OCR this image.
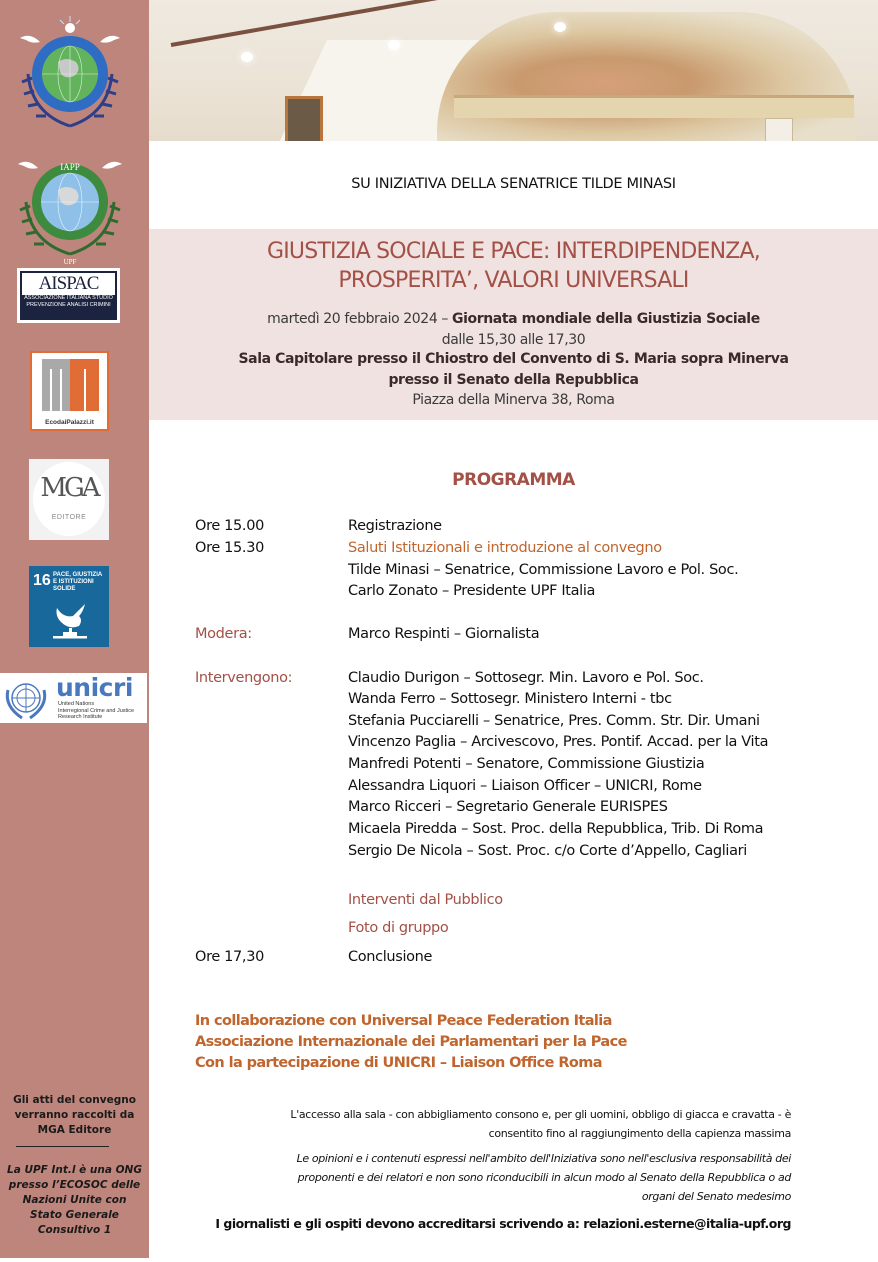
IAPP
UPF
AISPAC
ASSOCIAZIONE ITALIANA STUDIO PREVENZIONE ANALISI CRIMINI
EcodaiPalazzi.it
MGA
EDITORE
16 PACE, GIUSTIZIA E ISTITUZIONI SOLIDE
unicri
United Nations
Interregional Crime and Justice
Research Institute
Gli atti del convegno
verranno raccolti da
MGA Editore
La UPF Int.l è una ONG
presso l’ECOSOC delle
Nazioni Unite con
Stato Generale
Consultivo 1
SU INIZIATIVA DELLA SENATRICE TILDE MINASI
GIUSTIZIA SOCIALE E PACE: INTERDIPENDENZA,
PROSPERITA’, VALORI UNIVERSALI
martedì 20 febbraio 2024 – Giornata mondiale della Giustizia Sociale
dalle 15,30 alle 17,30
Sala Capitolare presso il Chiostro del Convento di S. Maria sopra Minerva
presso il Senato della Repubblica
Piazza della Minerva 38, Roma
PROGRAMMA
Ore 15.00	Registrazione
Ore 15.30	Saluti Istituzionali e introduzione al convegno
Tilde Minasi – Senatrice, Commissione Lavoro e Pol. Soc.
Carlo Zonato – Presidente UPF Italia
Modera:	Marco Respinti – Giornalista
Intervengono:	Claudio Durigon – Sottosegr. Min. Lavoro e Pol. Soc.
Wanda Ferro – Sottosegr. Ministero Interni - tbc
Stefania Pucciarelli – Senatrice, Pres. Comm. Str. Dir. Umani
Vincenzo Paglia – Arcivescovo, Pres. Pontif. Accad. per la Vita
Manfredi Potenti – Senatore, Commissione Giustizia
Alessandra Liquori – Liaison Officer – UNICRI, Rome
Marco Ricceri – Segretario Generale EURISPES
Micaela Piredda – Sost. Proc. della Repubblica, Trib. Di Roma
Sergio De Nicola – Sost. Proc. c/o Corte d’Appello, Cagliari
Interventi dal Pubblico
Foto di gruppo
Ore 17,30	Conclusione
In collaborazione con Universal Peace Federation Italia
Associazione Internazionale dei Parlamentari per la Pace
Con la partecipazione di UNICRI – Liaison Office Roma
L'accesso alla sala - con abbigliamento consono e, per gli uomini, obbligo di giacca e cravatta - è
consentito fino al raggiungimento della capienza massima
Le opinioni e i contenuti espressi nell'ambito dell'Iniziativa sono nell'esclusiva responsabilità dei
proponenti e dei relatori e non sono riconducibili in alcun modo al Senato della Repubblica o ad
organi del Senato medesimo
I giornalisti e gli ospiti devono accreditarsi scrivendo a: relazioni.esterne@italia-upf.org
